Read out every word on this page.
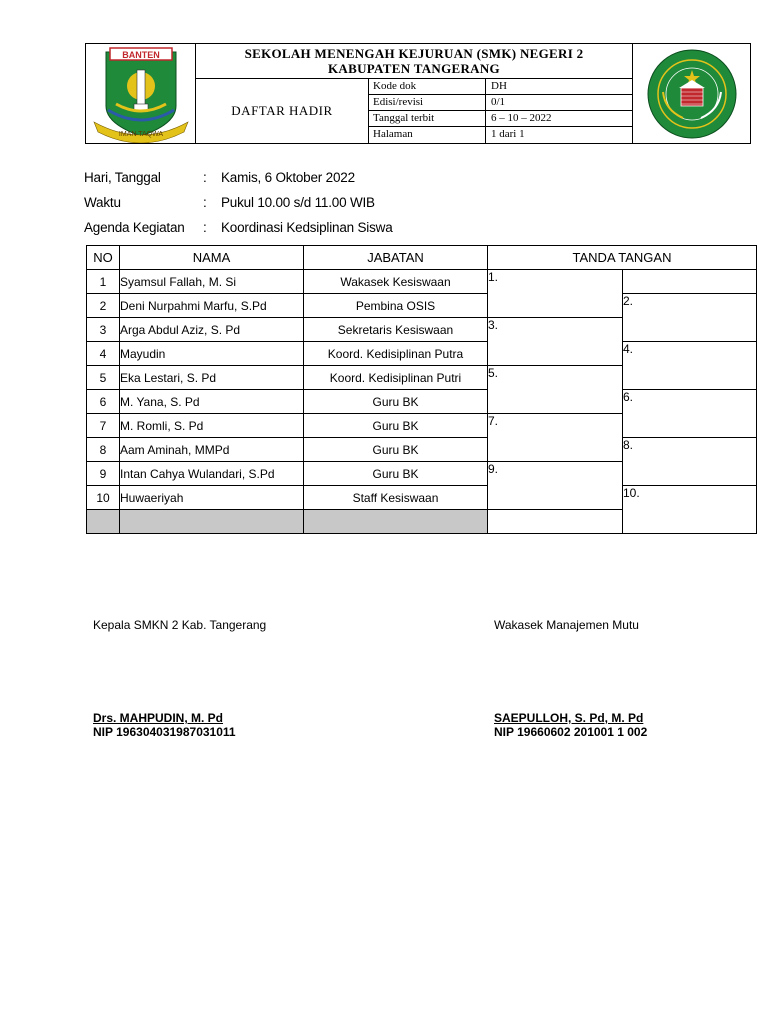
BANTEN
IMAN TAQWA
SEKOLAH MENENGAH KEJURUAN (SMK) NEGERI 2
KABUPATEN TANGERANG
DAFTAR HADIR
Kode dok	DH
Edisi/revisi	0/1
Tanggal terbit	6 – 10 – 2022
Halaman	1 dari 1
Hari, Tanggal	: Kamis, 6 Oktober 2022
Waktu	: Pukul 10.00 s/d 11.00 WIB
Agenda Kegiatan : Koordinasi Kedsiplinan Siswa
NO	NAMA	JABATAN	TANDA TANGAN	
1	Syamsul Fallah, M. Si	Wakasek Kesiswaan	1.	
2	Deni Nurpahmi Marfu, S.Pd	Pembina OSIS		2.
3	Arga Abdul Aziz, S. Pd	Sekretaris Kesiswaan	3.	
4	Mayudin	Koord. Kedisiplinan Putra		4.
5	Eka Lestari, S. Pd	Koord. Kedisiplinan Putri	5.	
6	M. Yana, S. Pd	Guru BK		6.
7	M. Romli, S. Pd	Guru BK	7.	
8	Aam Aminah, MMPd	Guru BK		8.
9	Intan Cahya Wulandari, S.Pd	Guru BK	9.	
10	Huwaeriyah	Staff Kesiswaan		10.

Kepala SMKN 2 Kab. Tangerang
Drs. MAHPUDIN, M. Pd
NIP 196304031987031011
Wakasek Manajemen Mutu
SAEPULLOH, S. Pd, M. Pd
NIP 19660602 201001 1 002
